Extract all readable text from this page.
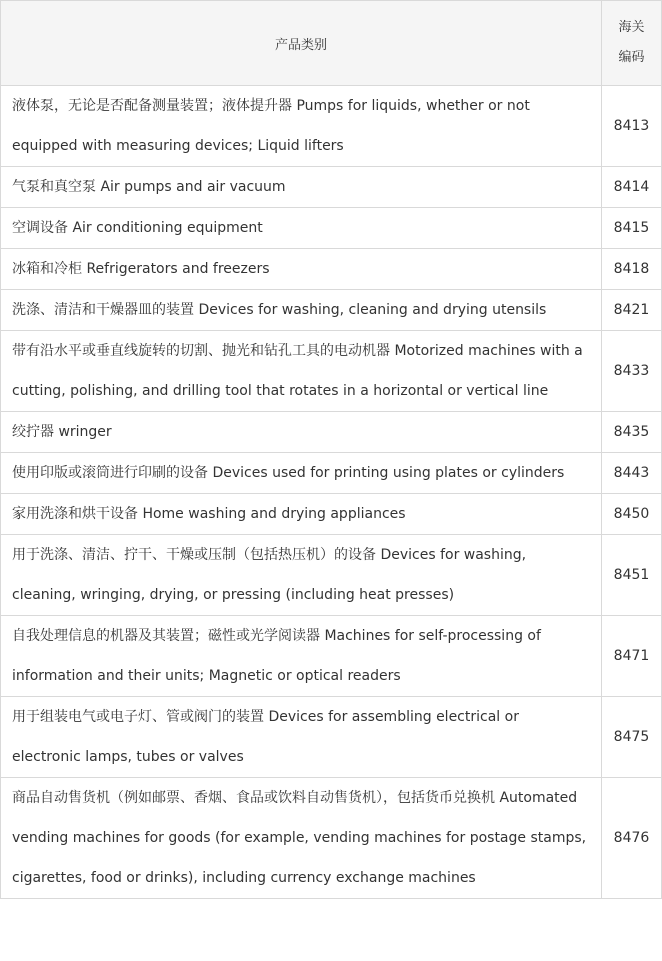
产品类别	海关
编码

液体泵，无论是否配备测量装置；液体提升器 Pumps for liquids, whether or not equipped with measuring devices; Liquid lifters	8413
气泵和真空泵 Air pumps and air vacuum	8414
空调设备 Air conditioning equipment	8415
冰箱和冷柜 Refrigerators and freezers	8418
洗涤、清洁和干燥器皿的装置 Devices for washing, cleaning and drying utensils	8421
带有沿水平或垂直线旋转的切割、抛光和钻孔工具的电动机器 Motorized machines with a cutting, polishing, and drilling tool that rotates in a horizontal or vertical line	8433
绞拧器 wringer	8435
使用印版或滚筒进行印刷的设备 Devices used for printing using plates or cylinders	8443
家用洗涤和烘干设备 Home washing and drying appliances	8450
用于洗涤、清洁、拧干、干燥或压制（包括热压机）的设备 Devices for washing, cleaning, wringing, drying, or pressing (including heat presses)	8451
自我处理信息的机器及其装置；磁性或光学阅读器 Machines for self-processing of information and their units; Magnetic or optical readers	8471
用于组装电气或电子灯、管或阀门的装置 Devices for assembling electrical or electronic lamps, tubes or valves	8475
商品自动售货机（例如邮票、香烟、食品或饮料自动售货机），包括货币兑换机 Automated vending machines for goods (for example, vending machines for postage stamps, cigarettes, food or drinks), including currency exchange machines	8476
